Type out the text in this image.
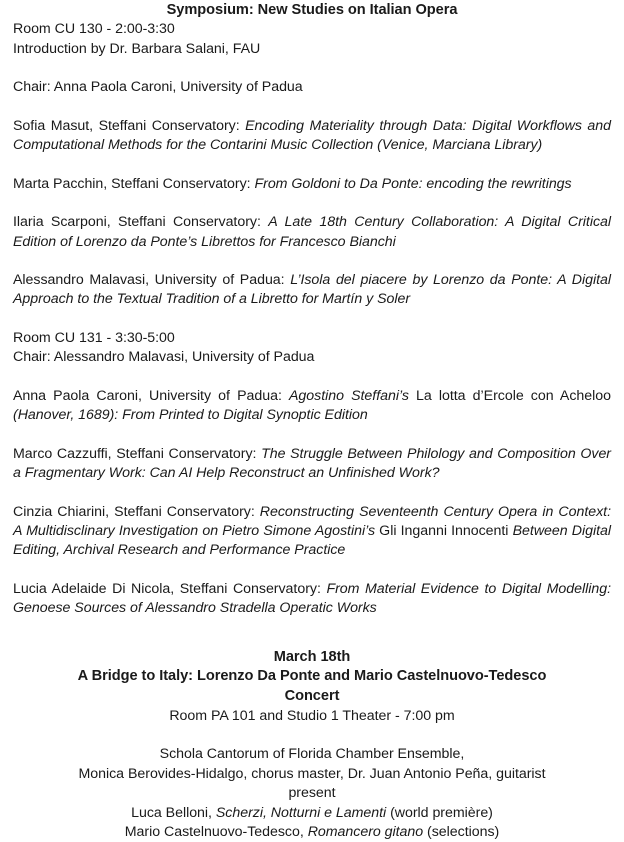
Symposium: New Studies on Italian Opera

Room CU 130 - 2:00-3:30

Introduction by Dr. Barbara Salani, FAU

Chair: Anna Paola Caroni, University of Padua

Sofia Masut, Steffani Conservatory: Encoding Materiality through Data: Digital Workflows and Computational Methods for the Contarini Music Collection (Venice, Marciana Library)

Marta Pacchin, Steffani Conservatory: From Goldoni to Da Ponte: encoding the rewritings

Ilaria Scarponi, Steffani Conservatory: A Late 18th Century Collaboration: A Digital Critical Edition of Lorenzo da Ponte’s Librettos for Francesco Bianchi

Alessandro Malavasi, University of Padua: L’Isola del piacere by Lorenzo da Ponte: A Digital Approach to the Textual Tradition of a Libretto for Martín y Soler

Room CU 131 - 3:30-5:00

Chair: Alessandro Malavasi, University of Padua

Anna Paola Caroni, University of Padua: Agostino Steffani’s La lotta d’Ercole con Acheloo (Hanover, 1689): From Printed to Digital Synoptic Edition

Marco Cazzuffi, Steffani Conservatory: The Struggle Between Philology and Composition Over a Fragmentary Work: Can AI Help Reconstruct an Unfinished Work?

Cinzia Chiarini, Steffani Conservatory: Reconstructing Seventeenth Century Opera in Context: A Multidisclinary Investigation on Pietro Simone Agostini’s Gli Inganni Innocenti Between Digital Editing, Archival Research and Performance Practice

Lucia Adelaide Di Nicola, Steffani Conservatory: From Material Evidence to Digital Modelling: Genoese Sources of Alessandro Stradella Operatic Works

March 18th

A Bridge to Italy: Lorenzo Da Ponte and Mario Castelnuovo-Tedesco Concert

Room PA 101 and Studio 1 Theater - 7:00 pm

Schola Cantorum of Florida Chamber Ensemble,

Monica Berovides-Hidalgo, chorus master, Dr. Juan Antonio Peña, guitarist

present

Luca Belloni, Scherzi, Notturni e Lamenti (world première)

Mario Castelnuovo-Tedesco, Romancero gitano (selections)
